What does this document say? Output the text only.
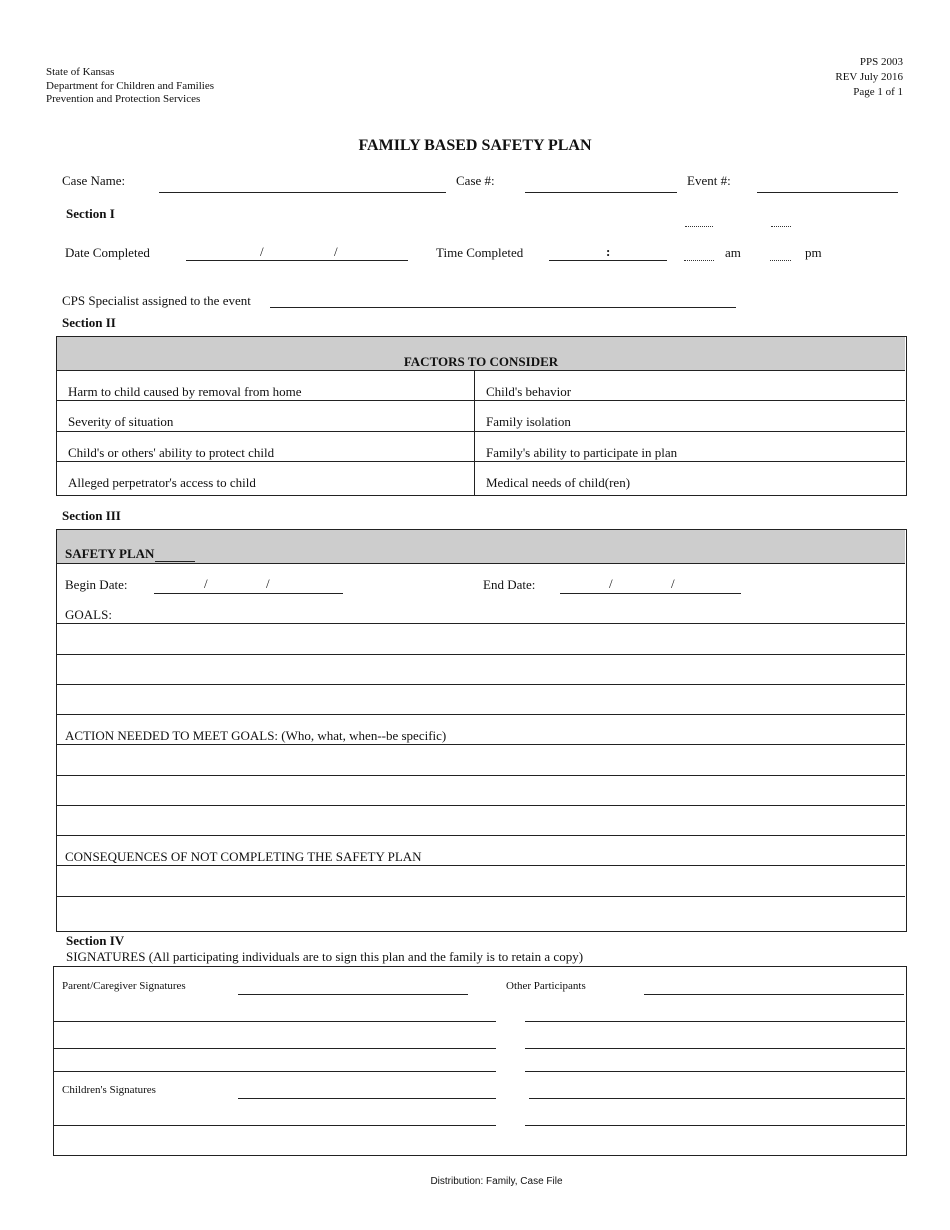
State of Kansas
Department for Children and Families
Prevention and Protection Services
PPS 2003
REV July 2016
Page 1 of 1
FAMILY BASED SAFETY PLAN
Case Name:	Case #:	Event #:
Section I
Date Completed	/	/	Time Completed	:	am	pm
CPS Specialist assigned to the event
Section II
FACTORS TO CONSIDER
Harm to child caused by removal from home	Child's behavior
Severity of situation	Family isolation
Child's or others' ability to protect child	Family's ability to participate in plan
Alleged perpetrator's access to child	Medical needs of child(ren)
Section III
SAFETY PLAN
Begin Date:	/	/	End Date:	/	/
GOALS:
ACTION NEEDED TO MEET GOALS: (Who, what, when--be specific)
CONSEQUENCES OF NOT COMPLETING THE SAFETY PLAN
Section IV
SIGNATURES (All participating individuals are to sign this plan and the family is to retain a copy)
Parent/Caregiver Signatures	Other Participants
Children's Signatures
Distribution: Family, Case File
